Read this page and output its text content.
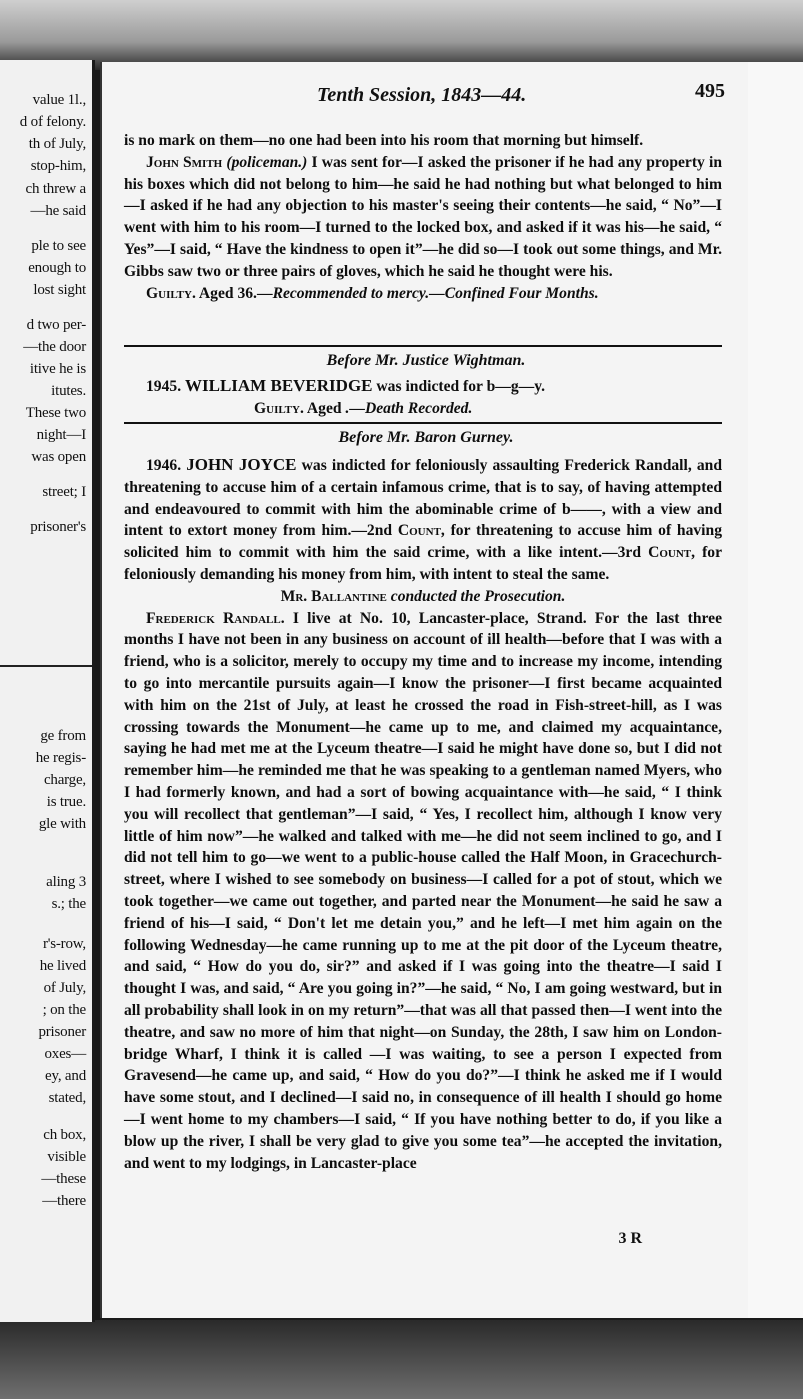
value 1l.,
d of felony.
th of July,
stop-him,
ch threw a
—he said
ple to see
enough to
lost sight
d two per-
—the door
itive he is
itutes.
These two
night—I
was open
street; I
prisoner's
ge from
he regis-
charge,
is true.
gle with
aling 3
s.; the
r's-row,
he lived
of July,
; on the
prisoner
oxes—
ey, and
stated,
ch box,
visible
—these
—there
Tenth Session, 1843—44.	495

is no mark on them—no one had been into his room that morning but himself.

John Smith (policeman.) I was sent for—I asked the prisoner if he had any property in his boxes which did not belong to him—he said he had nothing but what belonged to him—I asked if he had any objection to his master's seeing their contents—he said, “ No”—I went with him to his room—I turned to the locked box, and asked if it was his—he said, “ Yes”—I said, “ Have the kindness to open it”—he did so—I took out some things, and Mr. Gibbs saw two or three pairs of gloves, which he said he thought were his.

Guilty. Aged 36.—Recommended to mercy.—Confined Four Months.

Before Mr. Justice Wightman.

1945. WILLIAM BEVERIDGE was indicted for b—g—y.

Guilty. Aged .—Death Recorded.

Before Mr. Baron Gurney.

1946. JOHN JOYCE was indicted for feloniously assaulting Frederick Randall, and threatening to accuse him of a certain infamous crime, that is to say, of having attempted and endeavoured to commit with him the abominable crime of b——, with a view and intent to extort money from him.—2nd Count, for threatening to accuse him of having solicited him to commit with him the said crime, with a like intent.—3rd Count, for feloniously demanding his money from him, with intent to steal the same.

Mr. Ballantine conducted the Prosecution.

Frederick Randall. I live at No. 10, Lancaster-place, Strand. For the last three months I have not been in any business on account of ill health—before that I was with a friend, who is a solicitor, merely to occupy my time and to increase my income, intending to go into mercantile pursuits again—I know the prisoner—I first became acquainted with him on the 21st of July, at least he crossed the road in Fish-street-hill, as I was crossing towards the Monument—he came up to me, and claimed my acquaintance, saying he had met me at the Lyceum theatre—I said he might have done so, but I did not remember him—he reminded me that he was speaking to a gentleman named Myers, who I had formerly known, and had a sort of bowing acquaintance with—he said, “ I think you will recollect that gentleman”—I said, “ Yes, I recollect him, although I know very little of him now”—he walked and talked with me—he did not seem inclined to go, and I did not tell him to go—we went to a public-house called the Half Moon, in Gracechurch-street, where I wished to see somebody on business—I called for a pot of stout, which we took together—we came out together, and parted near the Monument—he said he saw a friend of his—I said, “ Don't let me detain you,” and he left—I met him again on the following Wednesday—he came running up to me at the pit door of the Lyceum theatre, and said, “ How do you do, sir?” and asked if I was going into the theatre—I said I thought I was, and said, “ Are you going in?”—he said, “ No, I am going westward, but in all probability shall look in on my return”—that was all that passed then—I went into the theatre, and saw no more of him that night—on Sunday, the 28th, I saw him on London-bridge Wharf, I think it is called —I was waiting, to see a person I expected from Gravesend—he came up, and said, “ How do you do?”—I think he asked me if I would have some stout, and I declined—I said no, in consequence of ill health I should go home—I went home to my chambers—I said, “ If you have nothing better to do, if you like a blow up the river, I shall be very glad to give you some tea”—he accepted the invitation, and went to my lodgings, in Lancaster-place

3 R
